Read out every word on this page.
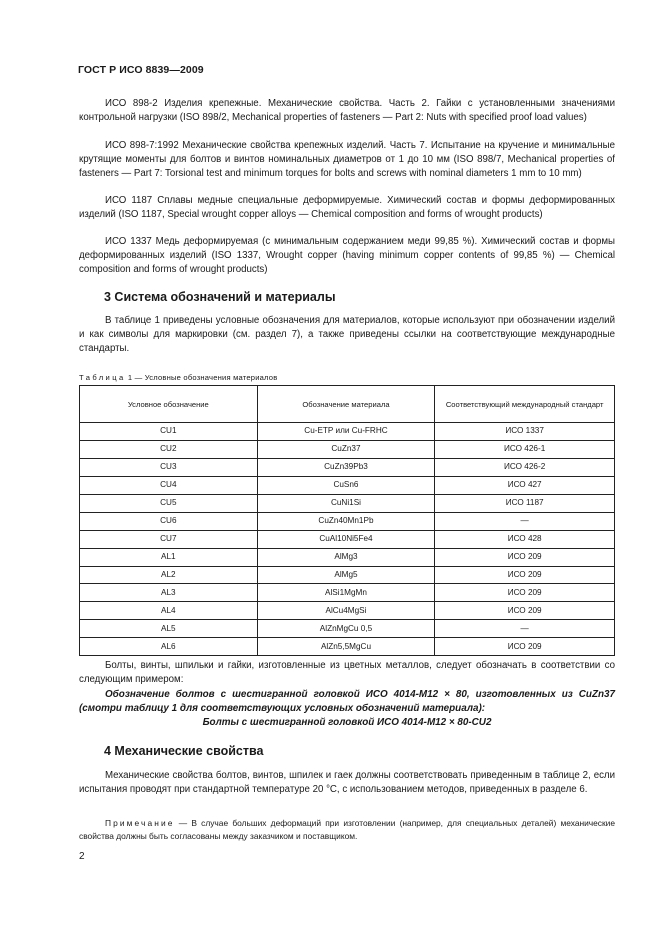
ГОСТ Р ИСО 8839—2009

ИСО 898-2 Изделия крепежные. Механические свойства. Часть 2. Гайки с установленными значениями контрольной нагрузки (ISO 898/2, Mechanical properties of fasteners — Part 2: Nuts with specified proof load values)

ИСО 898-7:1992 Механические свойства крепежных изделий. Часть 7. Испытание на кручение и минимальные крутящие моменты для болтов и винтов номинальных диаметров от 1 до 10 мм (ISO 898/7, Mechanical properties of fasteners — Part 7: Torsional test and minimum torques for bolts and screws with nominal diameters 1 mm to 10 mm)

ИСО 1187 Сплавы медные специальные деформируемые. Химический состав и формы деформированных изделий (ISO 1187, Special wrought copper alloys — Chemical composition and forms of wrought products)

ИСО 1337 Медь деформируемая (с минимальным содержанием меди 99,85 %). Химический состав и формы деформированных изделий (ISO 1337, Wrought copper (having minimum copper contents of 99,85 %) — Chemical composition and forms of wrought products)

3 Система обозначений и материалы

В таблице 1 приведены условные обозначения для материалов, которые используют при обозначении изделий и как символы для маркировки (см. раздел 7), а также приведены ссылки на соответствующие международные стандарты.

Таблица 1 — Условные обозначения материалов
Условное обозначение	Обозначение материала	Соответствующий международный стандарт
CU1	Cu-ETP или Cu-FRHC	ИСО 1337
CU2	CuZn37	ИСО 426-1
CU3	CuZn39Pb3	ИСО 426-2
CU4	CuSn6	ИСО 427
CU5	CuNi1Si	ИСО 1187
CU6	CuZn40Mn1Pb	—
CU7	CuAl10Ni5Fe4	ИСО 428
AL1	AlMg3	ИСО 209
AL2	AlMg5	ИСО 209
AL3	AlSi1MgMn	ИСО 209
AL4	AlCu4MgSi	ИСО 209
AL5	AlZnMgCu 0,5	—
AL6	AlZn5,5MgCu	ИСО 209

Болты, винты, шпильки и гайки, изготовленные из цветных металлов, следует обозначать в соответствии со следующим примером:

Обозначение болтов с шестигранной головкой ИСО 4014-М12 × 80, изготовленных из CuZn37 (смотри таблицу 1 для соответствующих условных обозначений материала):

Болты с шестигранной головкой ИСО 4014-М12 × 80-CU2

4 Механические свойства

Механические свойства болтов, винтов, шпилек и гаек должны соответствовать приведенным в таблице 2, если испытания проводят при стандартной температуре 20 °С, с использованием методов, приведенных в разделе 6.

Примечание — В случае больших деформаций при изготовлении (например, для специальных деталей) механические свойства должны быть согласованы между заказчиком и поставщиком.

2
